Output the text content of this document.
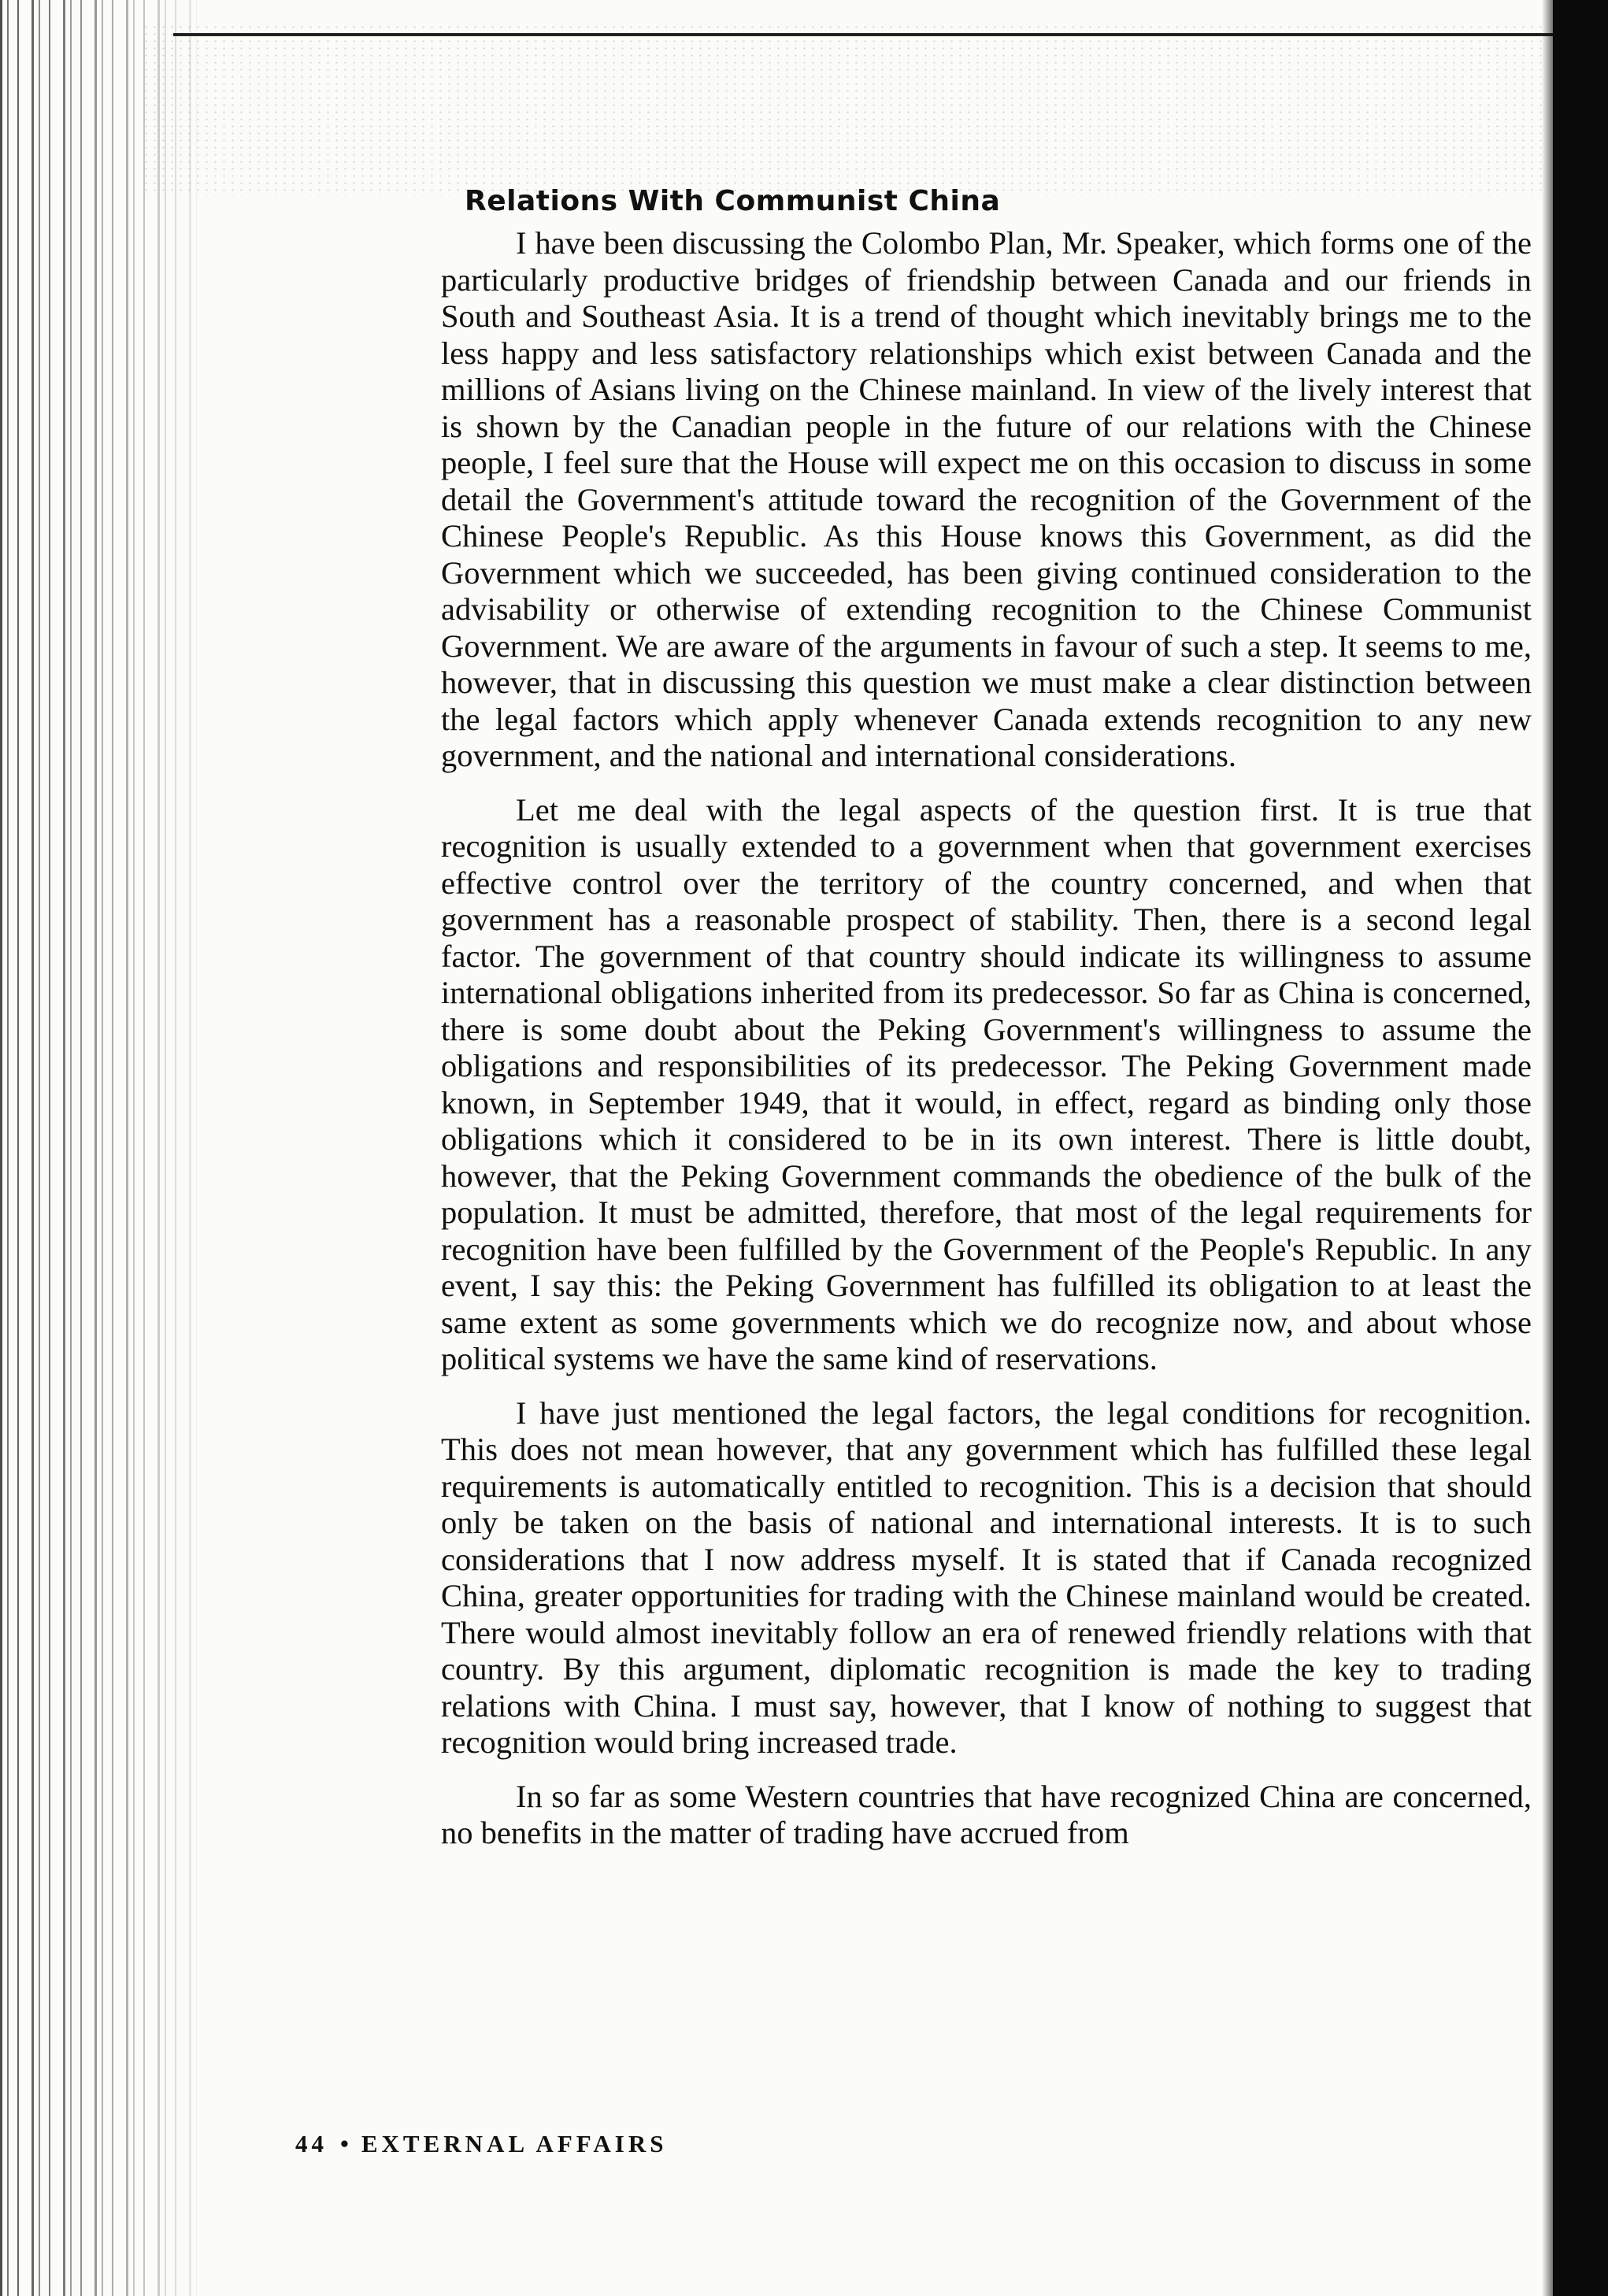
Relations With Communist China

I have been discussing the Colombo Plan, Mr. Speaker, which forms one of the particularly productive bridges of friendship between Canada and our friends in South and Southeast Asia. It is a trend of thought which inevitably brings me to the less happy and less satisfactory relationships which exist between Canada and the millions of Asians living on the Chinese mainland. In view of the lively interest that is shown by the Canadian people in the future of our relations with the Chinese people, I feel sure that the House will expect me on this occasion to discuss in some detail the Government's attitude toward the recognition of the Government of the Chinese People's Republic. As this House knows this Government, as did the Government which we succeeded, has been giving continued consideration to the advisability or otherwise of extending recognition to the Chinese Communist Government. We are aware of the arguments in favour of such a step. It seems to me, however, that in discussing this question we must make a clear distinction between the legal factors which apply whenever Canada extends recognition to any new government, and the national and international considerations.

Let me deal with the legal aspects of the question first. It is true that recognition is usually extended to a government when that government exercises effective control over the territory of the country concerned, and when that government has a reasonable prospect of stability. Then, there is a second legal factor. The government of that country should indicate its willingness to assume international obligations inherited from its predecessor. So far as China is concerned, there is some doubt about the Peking Government's willingness to assume the obligations and responsibilities of its predecessor. The Peking Government made known, in September 1949, that it would, in effect, regard as binding only those obligations which it considered to be in its own interest. There is little doubt, however, that the Peking Government commands the obedience of the bulk of the population. It must be admitted, therefore, that most of the legal requirements for recognition have been fulfilled by the Government of the People's Republic. In any event, I say this: the Peking Government has fulfilled its obligation to at least the same extent as some governments which we do recognize now, and about whose political systems we have the same kind of reservations.

I have just mentioned the legal factors, the legal conditions for recognition. This does not mean however, that any government which has fulfilled these legal requirements is automatically entitled to recognition. This is a decision that should only be taken on the basis of national and international interests. It is to such considerations that I now address myself. It is stated that if Canada recognized China, greater opportunities for trading with the Chinese mainland would be created. There would almost inevitably follow an era of renewed friendly relations with that country. By this argument, diplomatic recognition is made the key to trading relations with China. I must say, however, that I know of nothing to suggest that recognition would bring increased trade.

In so far as some Western countries that have recognized China are concerned, no benefits in the matter of trading have accrued from

44 • EXTERNAL AFFAIRS
